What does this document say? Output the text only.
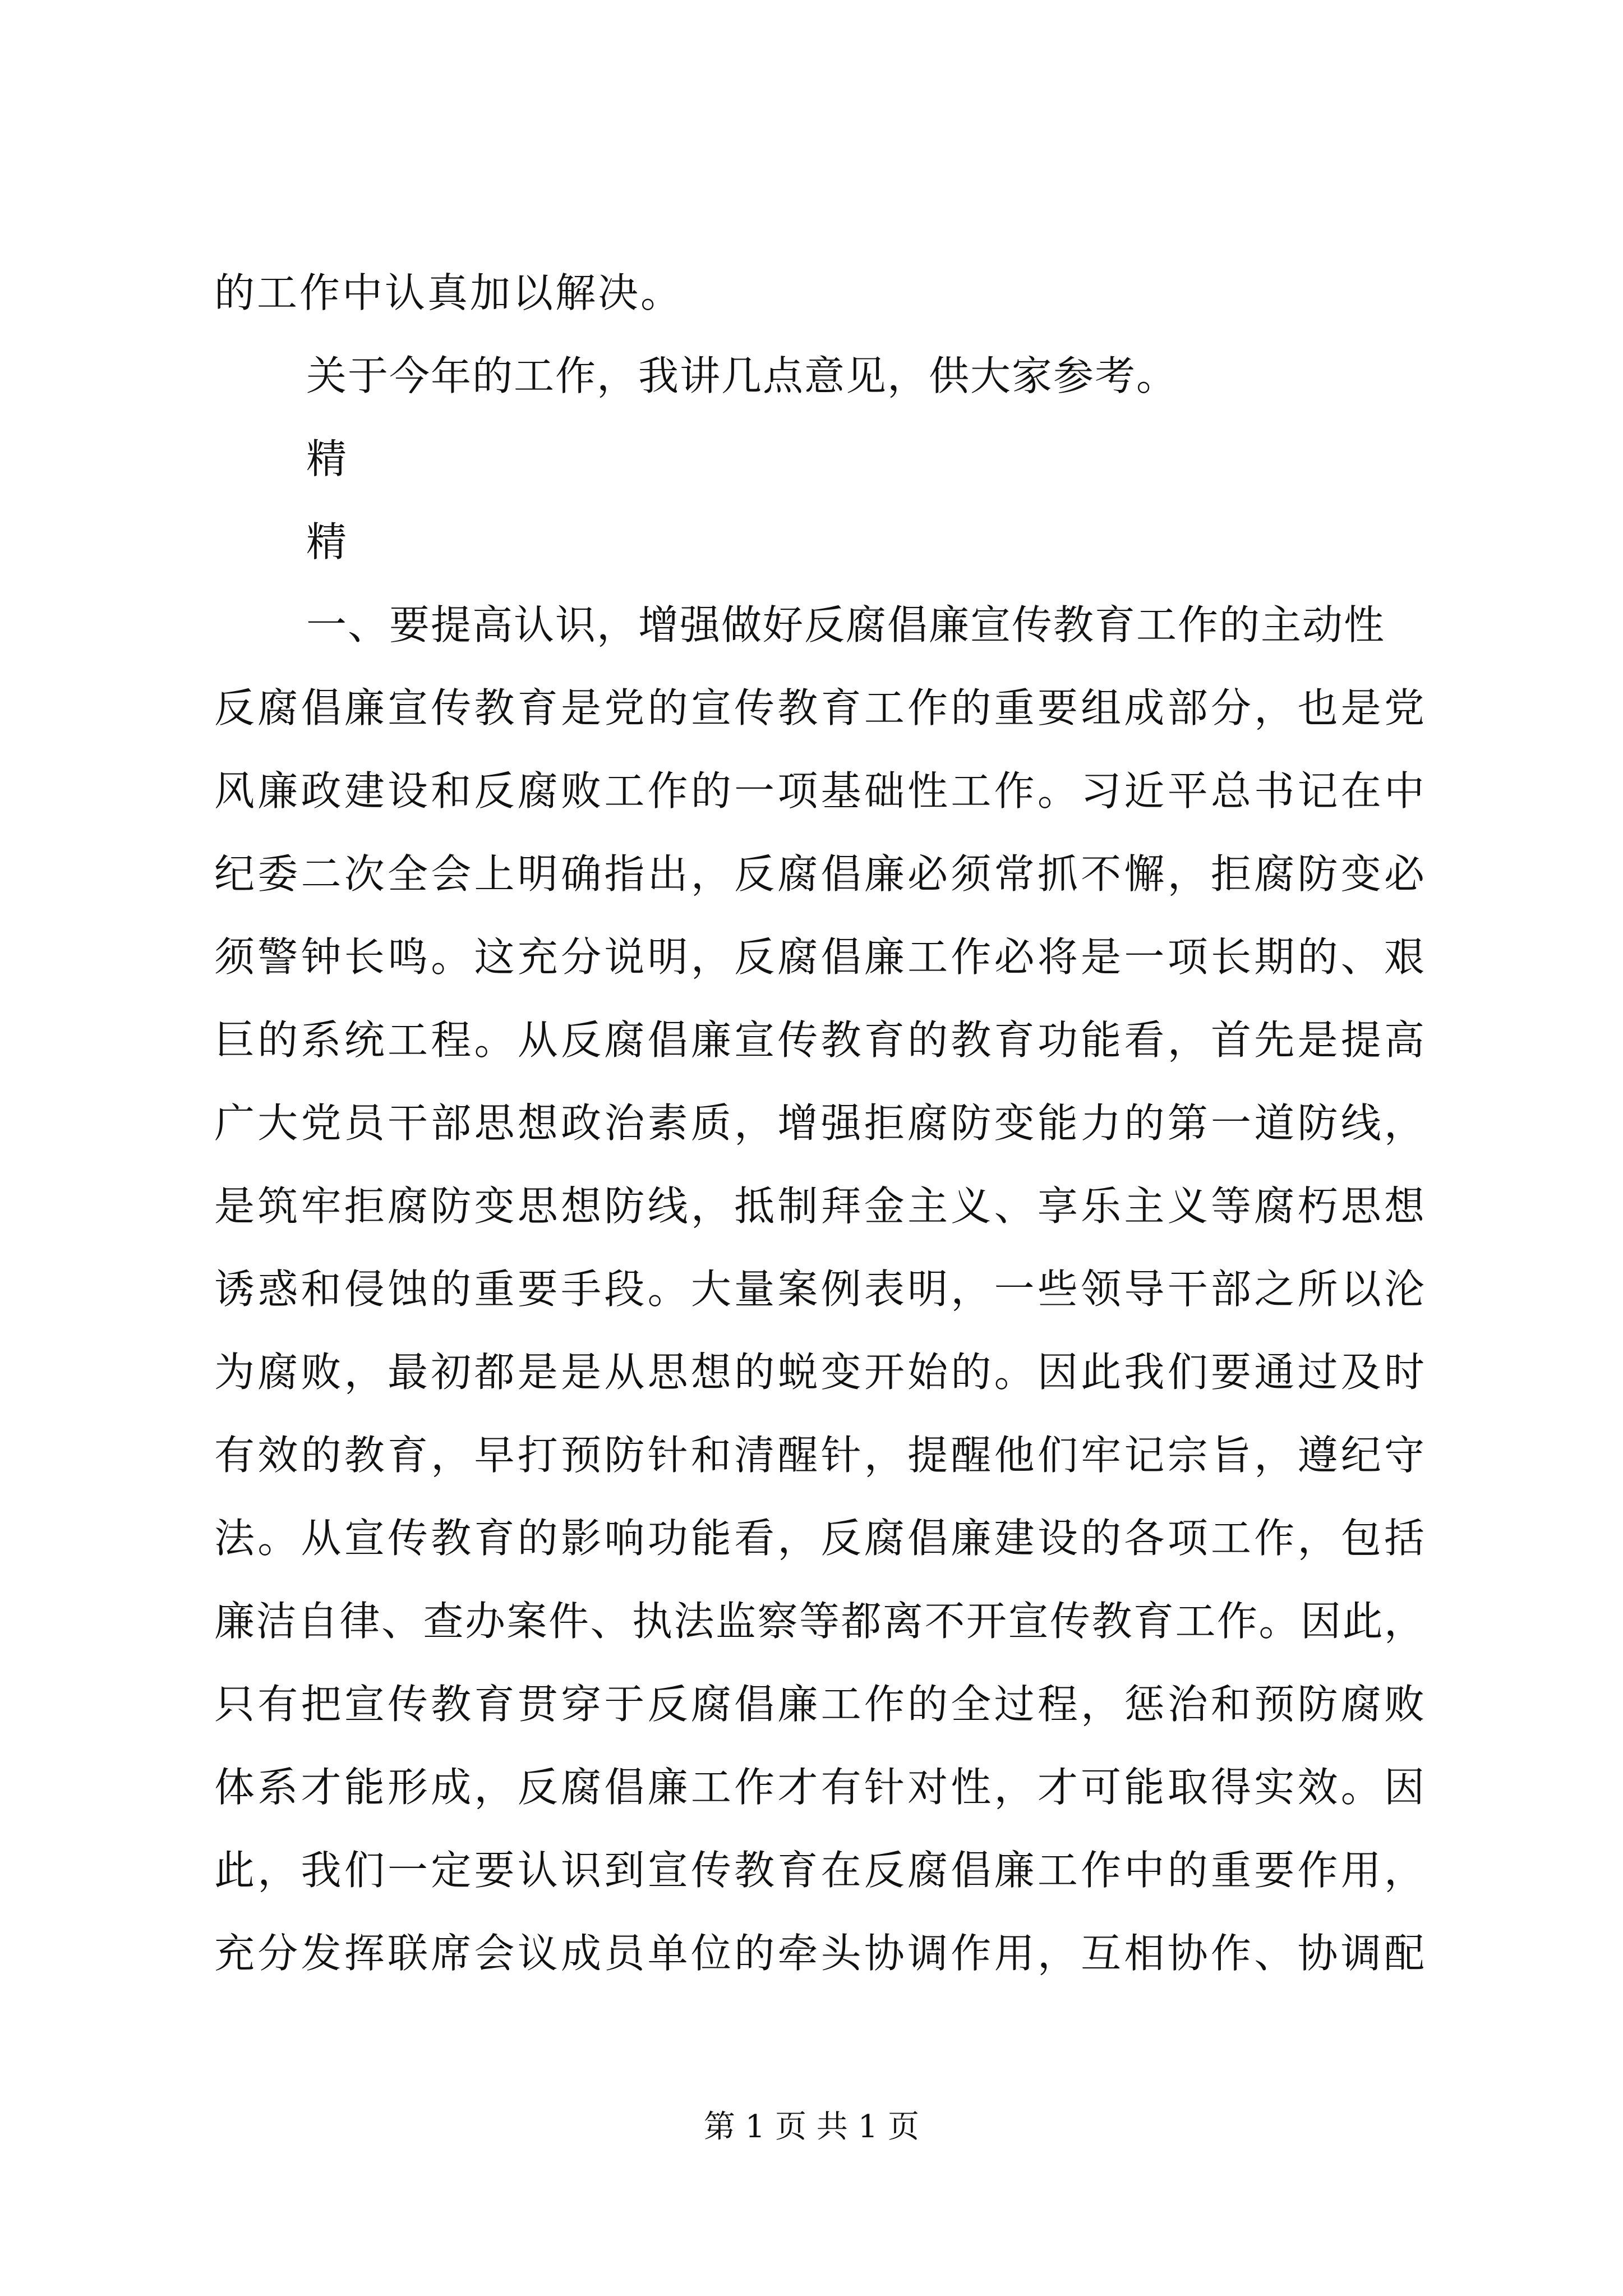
的工作中认真加以解决。
关于今年的工作，我讲几点意见，供大家参考。
精
精
一、要提高认识，增强做好反腐倡廉宣传教育工作的主动性
反腐倡廉宣传教育是党的宣传教育工作的重要组成部分，也是党
风廉政建设和反腐败工作的一项基础性工作。习近平总书记在中
纪委二次全会上明确指出，反腐倡廉必须常抓不懈，拒腐防变必
须警钟长鸣。这充分说明，反腐倡廉工作必将是一项长期的、艰
巨的系统工程。从反腐倡廉宣传教育的教育功能看，首先是提高
广大党员干部思想政治素质，增强拒腐防变能力的第一道防线，
是筑牢拒腐防变思想防线，抵制拜金主义、享乐主义等腐朽思想
诱惑和侵蚀的重要手段。大量案例表明，一些领导干部之所以沦
为腐败，最初都是是从思想的蜕变开始的。因此我们要通过及时
有效的教育，早打预防针和清醒针，提醒他们牢记宗旨，遵纪守
法。从宣传教育的影响功能看，反腐倡廉建设的各项工作，包括
廉洁自律、查办案件、执法监察等都离不开宣传教育工作。因此，
只有把宣传教育贯穿于反腐倡廉工作的全过程，惩治和预防腐败
体系才能形成，反腐倡廉工作才有针对性，才可能取得实效。因
此，我们一定要认识到宣传教育在反腐倡廉工作中的重要作用，
充分发挥联席会议成员单位的牵头协调作用，互相协作、协调配
第 1 页 共 1 页
